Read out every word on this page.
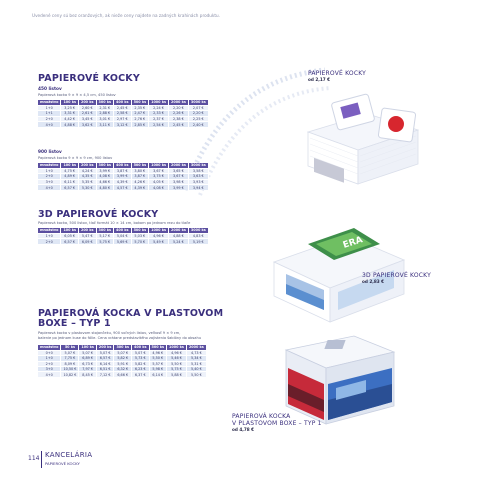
Uvedené ceny sú bez oranžových, ak nieže ceny najdete na zadných krahinách produktu.
PAPIEROVÉ KOCKY
450 listov
Papierová kocka 9 × 9 × 4,5 cm, 450 listov
množstvo	100 ks	200 ks	300 ks	400 ks	500 ks	1000 ks	2000 ks	3000 ks
1+0	3,25 €	2,60 €	2,31 €	2,45 €	2,35 €	2,24 €	2,20 €	2,07 €
1+1	3,31 €	2,61 €	2,88 €	2,58 €	2,47 €	2,33 €	2,26 €	2,20 €
2+0	4,42 €	3,45 €	3,01 €	2,97 €	2,76 €	2,37 €	2,38 €	2,25 €
4+0	4,88 €	3,62 €	3,11 €	3,12 €	2,85 €	2,54 €	2,45 €	2,40 €
900 listov
Papierová kocka 9 × 9 × 9 cm, 900 listov
množstvo	100 ks	200 ks	300 ks	400 ks	500 ks	1000 ks	2000 ks	3000 ks
1+0	4,75 €	4,24 €	3,99 €	3,87 €	3,80 €	3,67 €	3,65 €	3,58 €
2+0	4,89 €	4,35 €	4,08 €	3,99 €	3,87 €	3,75 €	3,67 €	3,63 €
3+0	6,11 €	5,35 €	4,66 €	4,39 €	4,26 €	4,05 €	3,98 €	3,93 €
4+0	6,57 €	5,30 €	4,80 €	4,57 €	4,39 €	4,08 €	3,99 €	3,94 €
3D PAPIEROVÉ KOCKY
Papierová kocka, 500 listov, tlač formát 10 × 14 cm, bokom po jednom rezu do tlače
množstvo	100 ks	200 ks	300 ks	400 ks	500 ks	1000 ks	2000 ks	3000 ks
1+0	6,05 €	5,47 €	5,17 €	5,04 €	5,03 €	4,96 €	4,88 €	4,83 €
2+0	6,57 €	6,09 €	5,75 €	5,69 €	5,70 €	5,49 €	5,24 €	5,19 €
PAPIEROVÁ KOCKA V PLASTOVOM
BOXE – TYP 1
Papierová kocka v plastovom stojančeku, 900 voľných listov, veľkosť 9 × 9 cm,
balenie po jednom kuse do fólie. Cena vrátane predstavitého zajistenia šablóny do obsahu
množstvo	50 ks	100 ks	200 ks	300 ks	400 ks	500 ks	1000 ks	2000 ks
0+0	5,07 €	5,07 €	5,07 €	5,07 €	5,07 €	4,96 €	4,96 €	4,73 €
1+0	7,75 €	6,89 €	6,57 €	5,82 €	5,73 €	5,50 €	5,46 €	5,34 €
2+0	8,09 €	6,73 €	6,14 €	5,91 €	5,82 €	5,57 €	5,50 €	5,31 €
3+0	10,50 €	7,97 €	6,51 €	6,32 €	6,23 €	5,98 €	5,75 €	5,40 €
4+0	10,82 €	8,45 €	7,12 €	6,66 €	6,37 €	6,14 €	5,88 €	5,50 €
ERA
PAPIEROVÉ KOCKY
od 2,17 €
3D PAPIEROVÉ KOCKY
od 2,83 €
PAPIEROVÁ KOCKA
V PLASTOVOM BOXE – TYP 1
od 4,78 €
114 KANCELÁRIA
PAPIEROVÉ KOCKY
